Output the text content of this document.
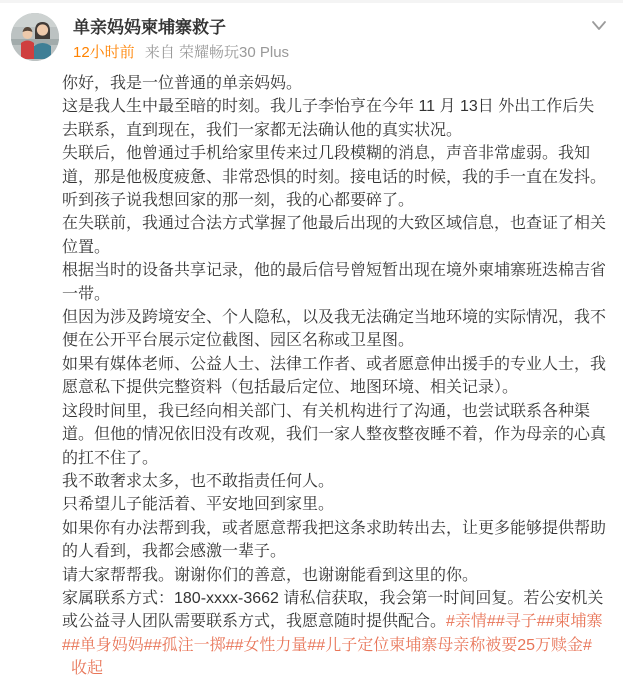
单亲妈妈柬埔寨救子
12小时前 来自 荣耀畅玩30 Plus

你好，我是一位普通的单亲妈妈。

这是我人生中最至暗的时刻。我儿子李怡亨在今年 11 月 13日 外出工作后失去联系，直到现在，我们一家都无法确认他的真实状况。

失联后，他曾通过手机给家里传来过几段模糊的消息，声音非常虚弱。我知道，那是他极度疲惫、非常恐惧的时刻。接电话的时候，我的手一直在发抖。听到孩子说我想回家的那一刻，我的心都要碎了。

在失联前，我通过合法方式掌握了他最后出现的大致区域信息，也查证了相关位置。

根据当时的设备共享记录，他的最后信号曾短暂出现在境外柬埔寨班迭棉吉省一带。

但因为涉及跨境安全、个人隐私，以及我无法确定当地环境的实际情况，我不便在公开平台展示定位截图、园区名称或卫星图。

如果有媒体老师、公益人士、法律工作者、或者愿意伸出援手的专业人士，我愿意私下提供完整资料（包括最后定位、地图环境、相关记录）。

这段时间里，我已经向相关部门、有关机构进行了沟通，也尝试联系各种渠道。但他的情况依旧没有改观，我们一家人整夜整夜睡不着，作为母亲的心真的扛不住了。

我不敢奢求太多，也不敢指责任何人。

只希望儿子能活着、平安地回到家里。

如果你有办法帮到我，或者愿意帮我把这条求助转出去，让更多能够提供帮助的人看到，我都会感激一辈子。

请大家帮帮我。谢谢你们的善意，也谢谢能看到这里的你。

家属联系方式：180-xxxx-3662 请私信获取，我会第一时间回复。若公安机关或公益寻人团队需要联系方式，我愿意随时提供配合。#亲情##寻子##柬埔寨##单身妈妈##孤注一掷##女性力量##儿子定位柬埔寨母亲称被要25万赎金#收起
